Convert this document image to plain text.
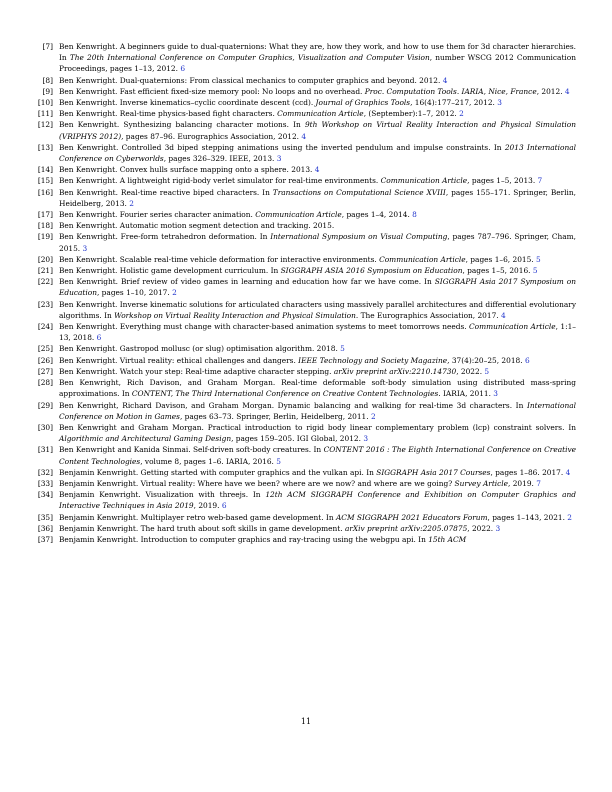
[7] Ben Kenwright. A beginners guide to dual-quaternions: What they are, how they work, and how to use them for 3d character hierarchies. In The 20th International Conference on Computer Graphics, Visualization and Computer Vision, number WSCG 2012 Communication Proceedings, pages 1–13, 2012. 6
[8] Ben Kenwright. Dual-quaternions: From classical mechanics to computer graphics and beyond. 2012. 4
[9] Ben Kenwright. Fast efficient fixed-size memory pool: No loops and no overhead. Proc. Computation Tools. IARIA, Nice, France, 2012. 4
[10] Ben Kenwright. Inverse kinematics–cyclic coordinate descent (ccd). Journal of Graphics Tools, 16(4):177–217, 2012. 3
[11] Ben Kenwright. Real-time physics-based fight characters. Communication Article, (September):1–7, 2012. 2
[12] Ben Kenwright. Synthesizing balancing character motions. In 9th Workshop on Virtual Reality Interaction and Physical Simulation (VRIPHYS 2012), pages 87–96. Eurographics Association, 2012. 4
[13] Ben Kenwright. Controlled 3d biped stepping animations using the inverted pendulum and impulse constraints. In 2013 International Conference on Cyberworlds, pages 326–329. IEEE, 2013. 3
[14] Ben Kenwright. Convex hulls surface mapping onto a sphere. 2013. 4
[15] Ben Kenwright. A lightweight rigid-body verlet simulator for real-time environments. Communication Article, pages 1–5, 2013. 7
[16] Ben Kenwright. Real-time reactive biped characters. In Transactions on Computational Science XVIII, pages 155–171. Springer, Berlin, Heidelberg, 2013. 2
[17] Ben Kenwright. Fourier series character animation. Communication Article, pages 1–4, 2014. 8
[18] Ben Kenwright. Automatic motion segment detection and tracking. 2015.
[19] Ben Kenwright. Free-form tetrahedron deformation. In International Symposium on Visual Computing, pages 787–796. Springer, Cham, 2015. 3
[20] Ben Kenwright. Scalable real-time vehicle deformation for interactive environments. Communication Article, pages 1–6, 2015. 5
[21] Ben Kenwright. Holistic game development curriculum. In SIGGRAPH ASIA 2016 Symposium on Education, pages 1–5, 2016. 5
[22] Ben Kenwright. Brief review of video games in learning and education how far we have come. In SIGGRAPH Asia 2017 Symposium on Education, pages 1–10, 2017. 2
[23] Ben Kenwright. Inverse kinematic solutions for articulated characters using massively parallel architectures and differential evolutionary algorithms. In Workshop on Virtual Reality Interaction and Physical Simulation. The Eurographics Association, 2017. 4
[24] Ben Kenwright. Everything must change with character-based animation systems to meet tomorrows needs. Communication Article, 1:1–13, 2018. 6
[25] Ben Kenwright. Gastropod mollusc (or slug) optimisation algorithm. 2018. 5
[26] Ben Kenwright. Virtual reality: ethical challenges and dangers. IEEE Technology and Society Magazine, 37(4):20–25, 2018. 6
[27] Ben Kenwright. Watch your step: Real-time adaptive character stepping. arXiv preprint arXiv:2210.14730, 2022. 5
[28] Ben Kenwright, Rich Davison, and Graham Morgan. Real-time deformable soft-body simulation using distributed mass-spring approximations. In CONTENT, The Third International Conference on Creative Content Technologies. IARIA, 2011. 3
[29] Ben Kenwright, Richard Davison, and Graham Morgan. Dynamic balancing and walking for real-time 3d characters. In International Conference on Motion in Games, pages 63–73. Springer, Berlin, Heidelberg, 2011. 2
[30] Ben Kenwright and Graham Morgan. Practical introduction to rigid body linear complementary problem (lcp) constraint solvers. In Algorithmic and Architectural Gaming Design, pages 159–205. IGI Global, 2012. 3
[31] Ben Kenwright and Kanida Sinmai. Self-driven soft-body creatures. In CONTENT 2016 : The Eighth International Conference on Creative Content Technologies, volume 8, pages 1–6. IARIA, 2016. 5
[32] Benjamin Kenwright. Getting started with computer graphics and the vulkan api. In SIGGRAPH Asia 2017 Courses, pages 1–86. 2017. 4
[33] Benjamin Kenwright. Virtual reality: Where have we been? where are we now? and where are we going? Survey Article, 2019. 7
[34] Benjamin Kenwright. Visualization with threejs. In 12th ACM SIGGRAPH Conference and Exhibition on Computer Graphics and Interactive Techniques in Asia 2019, 2019. 6
[35] Benjamin Kenwright. Multiplayer retro web-based game development. In ACM SIGGRAPH 2021 Educators Forum, pages 1–143, 2021. 2
[36] Benjamin Kenwright. The hard truth about soft skills in game development. arXiv preprint arXiv:2205.07875, 2022. 3
[37] Benjamin Kenwright. Introduction to computer graphics and ray-tracing using the webgpu api. In 15th ACM
11
